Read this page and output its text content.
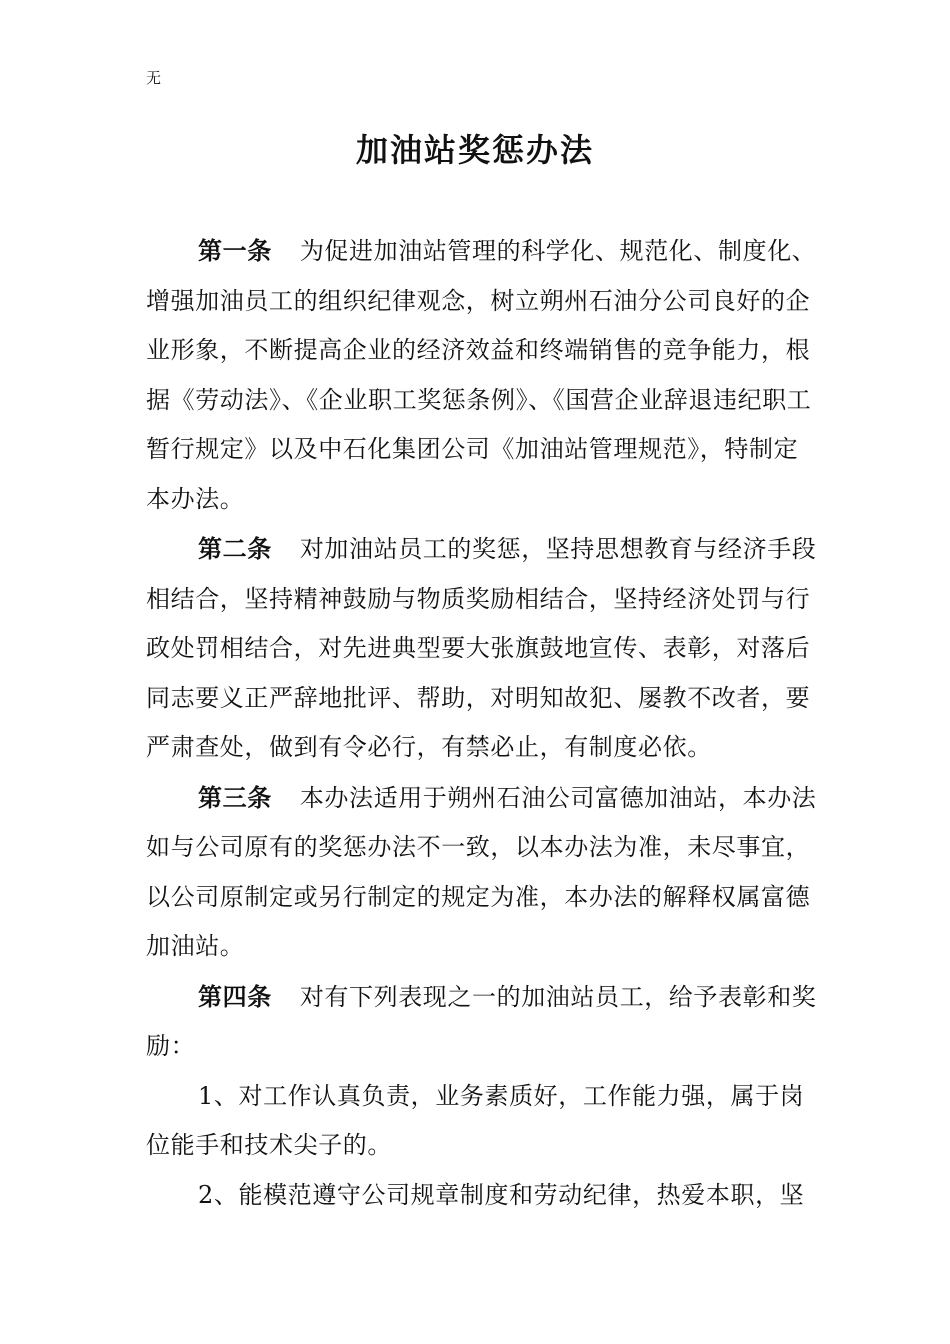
无
加油站奖惩办法

第一条 为促进加油站管理的科学化、规范化、制度化、增强加油员工的组织纪律观念，树立朔州石油分公司良好的企业形象，不断提高企业的经济效益和终端销售的竞争能力，根据《劳动法》、《企业职工奖惩条例》、《国营企业辞退违纪职工暂行规定》以及中石化集团公司《加油站管理规范》，特制定本办法。

第二条 对加油站员工的奖惩，坚持思想教育与经济手段相结合，坚持精神鼓励与物质奖励相结合，坚持经济处罚与行政处罚相结合，对先进典型要大张旗鼓地宣传、表彰，对落后同志要义正严辞地批评、帮助，对明知故犯、屡教不改者，要严肃查处，做到有令必行，有禁必止，有制度必依。

第三条 本办法适用于朔州石油公司富德加油站，本办法如与公司原有的奖惩办法不一致，以本办法为准，未尽事宜，以公司原制定或另行制定的规定为准，本办法的解释权属富德加油站。

第四条 对有下列表现之一的加油站员工，给予表彰和奖励：

1、对工作认真负责，业务素质好，工作能力强，属于岗位能手和技术尖子的。

2、能模范遵守公司规章制度和劳动纪律，热爱本职，坚
